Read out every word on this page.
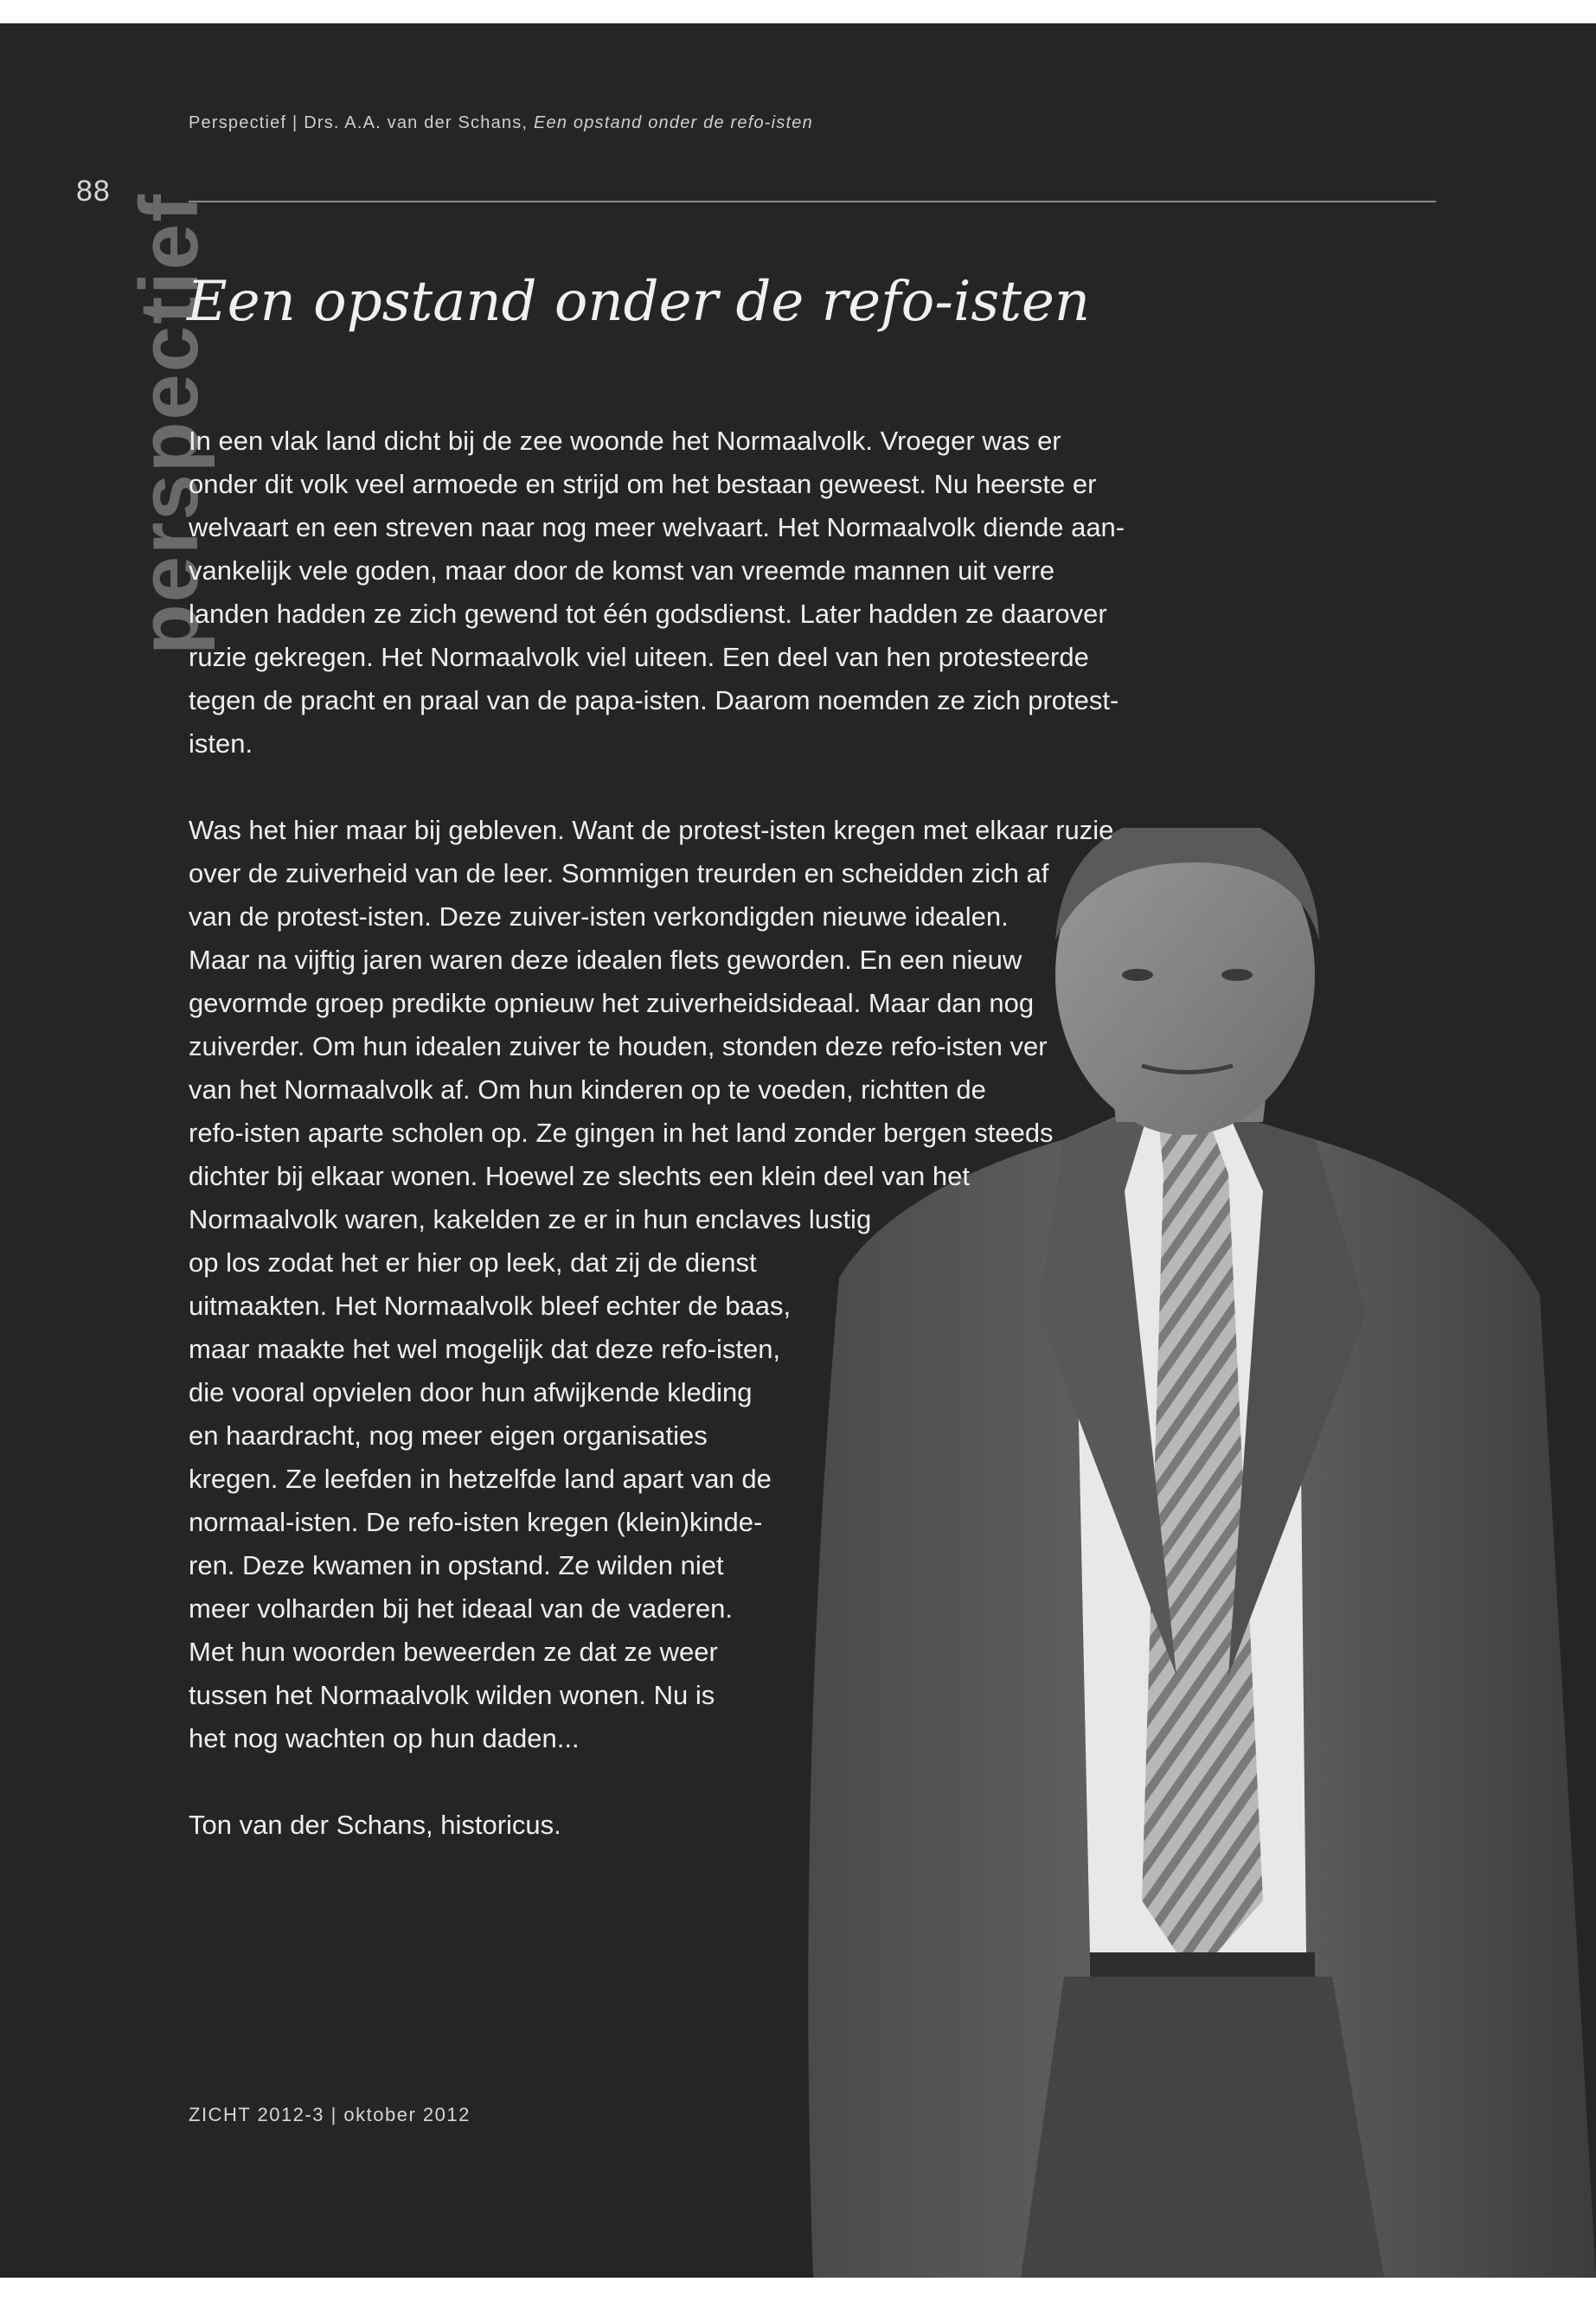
Perspectief | Drs. A.A. van der Schans, Een opstand onder de refo-isten
88
perspectief
Een opstand onder de refo-isten
In een vlak land dicht bij de zee woonde het Normaalvolk. Vroeger was er
onder dit volk veel armoede en strijd om het bestaan geweest. Nu heerste er
welvaart en een streven naar nog meer welvaart. Het Normaalvolk diende aan-
vankelijk vele goden, maar door de komst van vreemde mannen uit verre
landen hadden ze zich gewend tot één godsdienst. Later hadden ze daarover
ruzie gekregen. Het Normaalvolk viel uiteen. Een deel van hen protesteerde
tegen de pracht en praal van de papa-isten. Daarom noemden ze zich protest-
isten.
Was het hier maar bij gebleven. Want de protest-isten kregen met elkaar ruzie
over de zuiverheid van de leer. Sommigen treurden en scheidden zich af
van de protest-isten. Deze zuiver-isten verkondigden nieuwe idealen.
Maar na vijftig jaren waren deze idealen flets geworden. En een nieuw
gevormde groep predikte opnieuw het zuiverheidsideaal. Maar dan nog
zuiverder. Om hun idealen zuiver te houden, stonden deze refo-isten ver
van het Normaalvolk af. Om hun kinderen op te voeden, richtten de
refo-isten aparte scholen op. Ze gingen in het land zonder bergen steeds
dichter bij elkaar wonen. Hoewel ze slechts een klein deel van het
Normaalvolk waren, kakelden ze er in hun enclaves lustig
op los zodat het er hier op leek, dat zij de dienst
uitmaakten. Het Normaalvolk bleef echter de baas,
maar maakte het wel mogelijk dat deze refo-isten,
die vooral opvielen door hun afwijkende kleding
en haardracht, nog meer eigen organisaties
kregen. Ze leefden in hetzelfde land apart van de
normaal-isten. De refo-isten kregen (klein)kinde-
ren. Deze kwamen in opstand. Ze wilden niet
meer volharden bij het ideaal van de vaderen.
Met hun woorden beweerden ze dat ze weer
tussen het Normaalvolk wilden wonen. Nu is
het nog wachten op hun daden...
Ton van der Schans, historicus.
ZICHT 2012-3 | oktober 2012
